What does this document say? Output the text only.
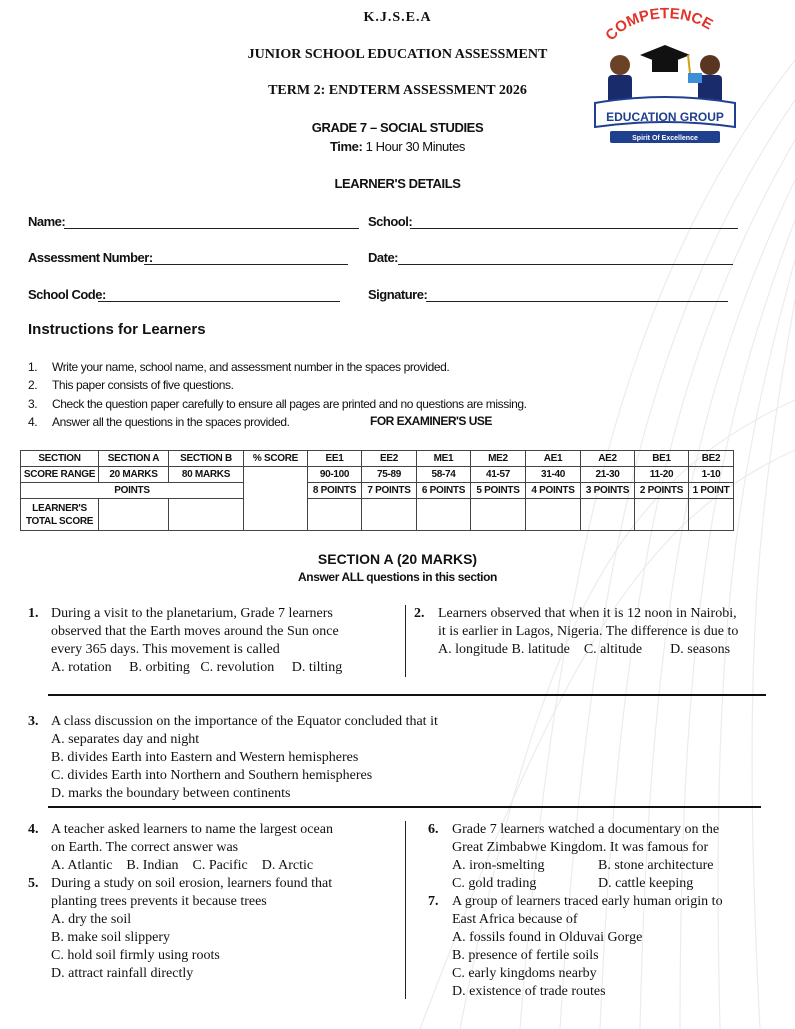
K.J.S.E.A
JUNIOR SCHOOL EDUCATION ASSESSMENT
TERM 2: ENDTERM ASSESSMENT 2026
GRADE 7 – SOCIAL STUDIES
Time: 1 Hour 30 Minutes
LEARNER'S DETAILS
COMPETENCE
EDUCATION GROUP
Spirit Of Excellence
Name:	School:
Assessment Number:	Date:
School Code:	Signature:
Instructions for Learners
1. Write your name, school name, and assessment number in the spaces provided.
2. This paper consists of five questions.
3. Check the question paper carefully to ensure all pages are printed and no questions are missing.
4. Answer all the questions in the spaces provided.	FOR EXAMINER'S USE
SECTION	SECTION A	SECTION B	% SCORE	EE1	EE2	ME1	ME2	AE1	AE2	BE1	BE2
SCORE RANGE	20 MARKS	80 MARKS		90-100	75-89	58-74	41-57	31-40	21-30	11-20	1-10
POINTS				8 POINTS	7 POINTS	6 POINTS	5 POINTS	4 POINTS	3 POINTS	2 POINTS	1 POINT
LEARNER'S TOTAL SCORE											
SECTION A (20 MARKS)
Answer ALL questions in this section
1. During a visit to the planetarium, Grade 7 learners
observed that the Earth moves around the Sun once
every 365 days. This movement is called
A. rotation     B. orbiting   C. revolution     D. tilting
2. Learners observed that when it is 12 noon in Nairobi,
it is earlier in Lagos, Nigeria. The difference is due to
A. longitude B. latitude    C. altitude        D. seasons
3. A class discussion on the importance of the Equator concluded that it
A. separates day and night
B. divides Earth into Eastern and Western hemispheres
C. divides Earth into Northern and Southern hemispheres
D. marks the boundary between continents
4. A teacher asked learners to name the largest ocean
on Earth. The correct answer was
A. Atlantic    B. Indian    C. Pacific    D. Arctic
5. During a study on soil erosion, learners found that
planting trees prevents it because trees
A. dry the soil
B. make soil slippery
C. hold soil firmly using roots
D. attract rainfall directly
6. Grade 7 learners watched a documentary on the
Great Zimbabwe Kingdom. It was famous for
A. iron-smelting	B. stone architecture
C. gold trading	D. cattle keeping
7. A group of learners traced early human origin to
East Africa because of
A. fossils found in Olduvai Gorge
B. presence of fertile soils
C. early kingdoms nearby
D. existence of trade routes
